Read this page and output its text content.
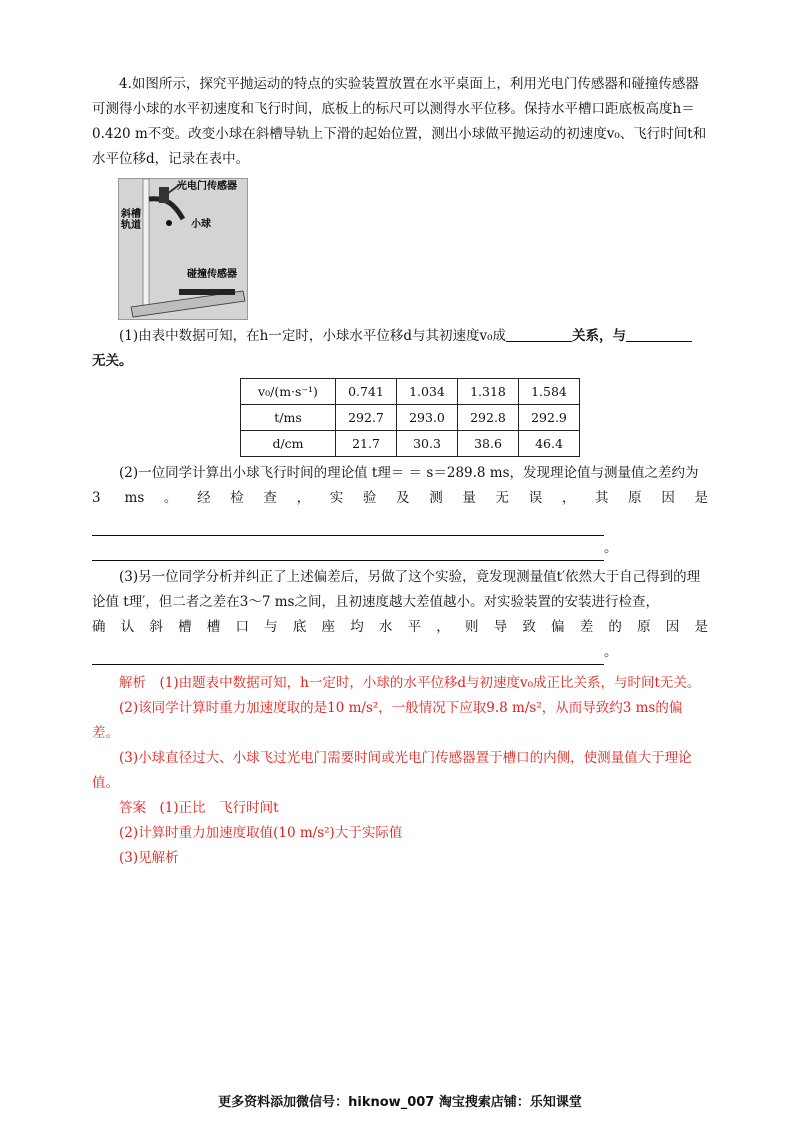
4.如图所示，探究平抛运动的特点的实验装置放置在水平桌面上，利用光电门传感器和碰撞传感器可测得小球的水平初速度和飞行时间，底板上的标尺可以测得水平位移。保持水平槽口距底板高度h＝0.420 m不变。改变小球在斜槽导轨上下滑的起始位置，测出小球做平抛运动的初速度v₀、飞行时间t和水平位移d，记录在表中。

光电门传感器
斜槽
轨道	小球
碰撞传感器

(1)由表中数据可知，在h一定时，小球水平位移d与其初速度v₀成	关系，与

无关。

v₀/(m·s⁻¹)	0.741	1.034	1.318	1.584
t/ms	292.7	293.0	292.8	292.9
d/cm	21.7	30.3	38.6	46.4

(2)一位同学计算出小球飞行时间的理论值 t理＝ ＝ s＝289.8 ms，发现理论值与测量值之差约为

3 ms。经检查，实验及测量无误，其原因是

。

(3)另一位同学分析并纠正了上述偏差后，另做了这个实验，竟发现测量值t′依然大于自己得到的理论值 t理′，但二者之差在3～7 ms之间，且初速度越大差值越小。对实验装置的安装进行检查，

确认斜槽槽口与底座均水平，则导致偏差的原因是

。

解析　 (1)由题表中数据可知，h一定时，小球的水平位移d与初速度v₀成正比关系，与时间t无关。

(2)该同学计算时重力加速度取的是10 m/s²，一般情况下应取9.8 m/s²，从而导致约3 ms的偏差。

(3)小球直径过大、小球飞过光电门需要时间或光电门传感器置于槽口的内侧，使测量值大于理论值。

答案　 (1)正比　飞行时间t

(2)计算时重力加速度取值(10 m/s²)大于实际值

(3)见解析

更多资料添加微信号：hiknow_007 淘宝搜索店铺：乐知课堂
